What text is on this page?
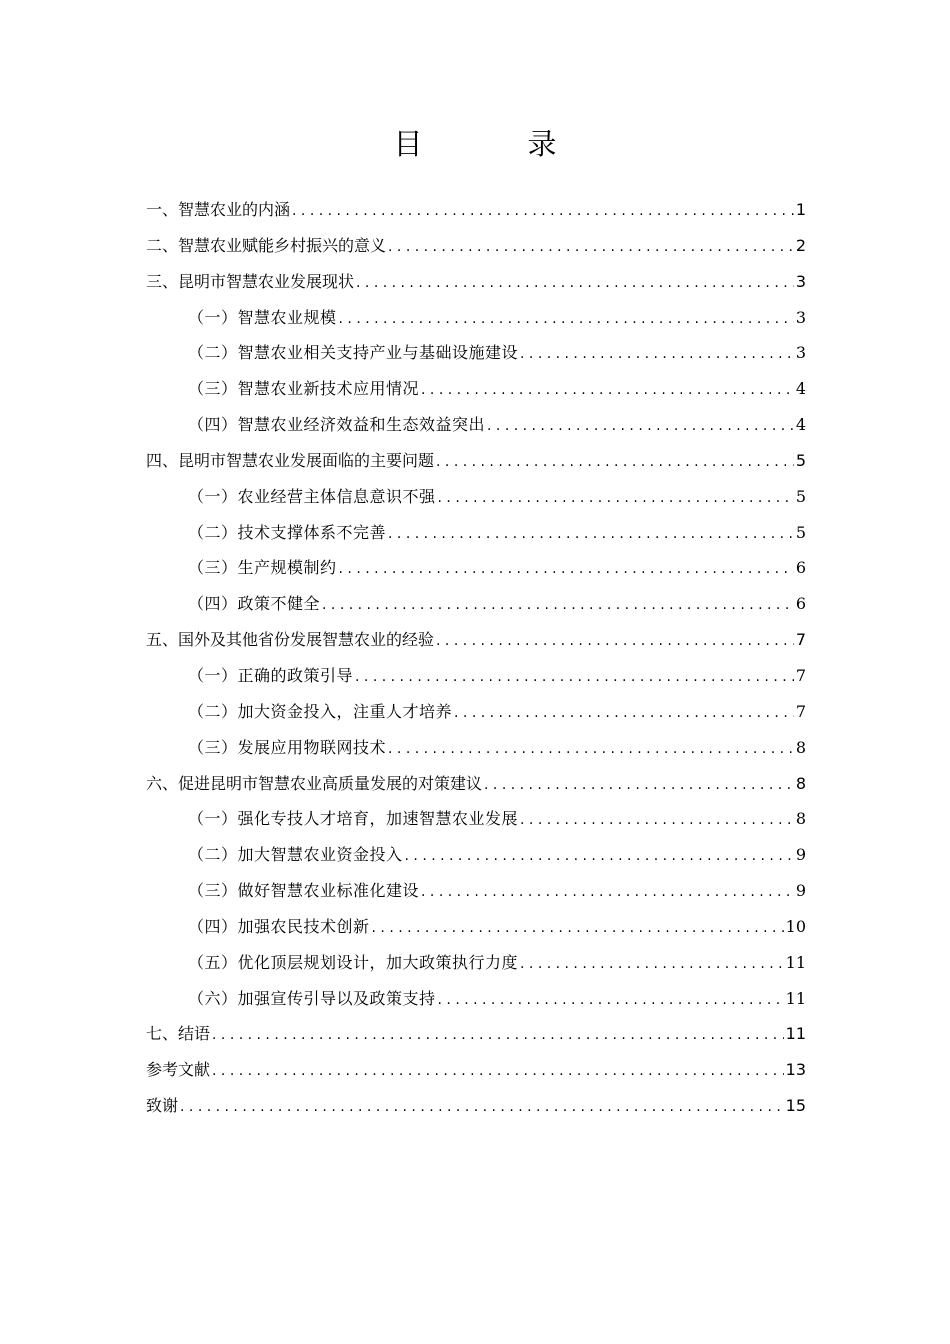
目　录
一、智慧农业的内涵 . . .	1
二、智慧农业赋能乡村振兴的意义 . . .	2
三、昆明市智慧农业发展现状 . . .	3
（一）智慧农业规模 . . .	3
（二）智慧农业相关支持产业与基础设施建设 . . .	3
（三）智慧农业新技术应用情况 . . .	4
（四）智慧农业经济效益和生态效益突出 . . .	4
四、昆明市智慧农业发展面临的主要问题 . . .	5
（一）农业经营主体信息意识不强 . . .	5
（二）技术支撑体系不完善 . . .	5
（三）生产规模制约 . . .	6
（四）政策不健全 . . .	6
五、国外及其他省份发展智慧农业的经验 . . .	7
（一）正确的政策引导 . . .	7
（二）加大资金投入，注重人才培养 . . .	7
（三）发展应用物联网技术 . . .	8
六、促进昆明市智慧农业高质量发展的对策建议 . . .	8
（一）强化专技人才培育，加速智慧农业发展 . . .	8
（二）加大智慧农业资金投入 . . .	9
（三）做好智慧农业标准化建设 . . .	9
（四）加强农民技术创新 . . .	10
（五）优化顶层规划设计，加大政策执行力度 . . .	11
（六）加强宣传引导以及政策支持 . . .	11
七、结语 . . .	11
参考文献 . . .	13
致谢 . . .	15
